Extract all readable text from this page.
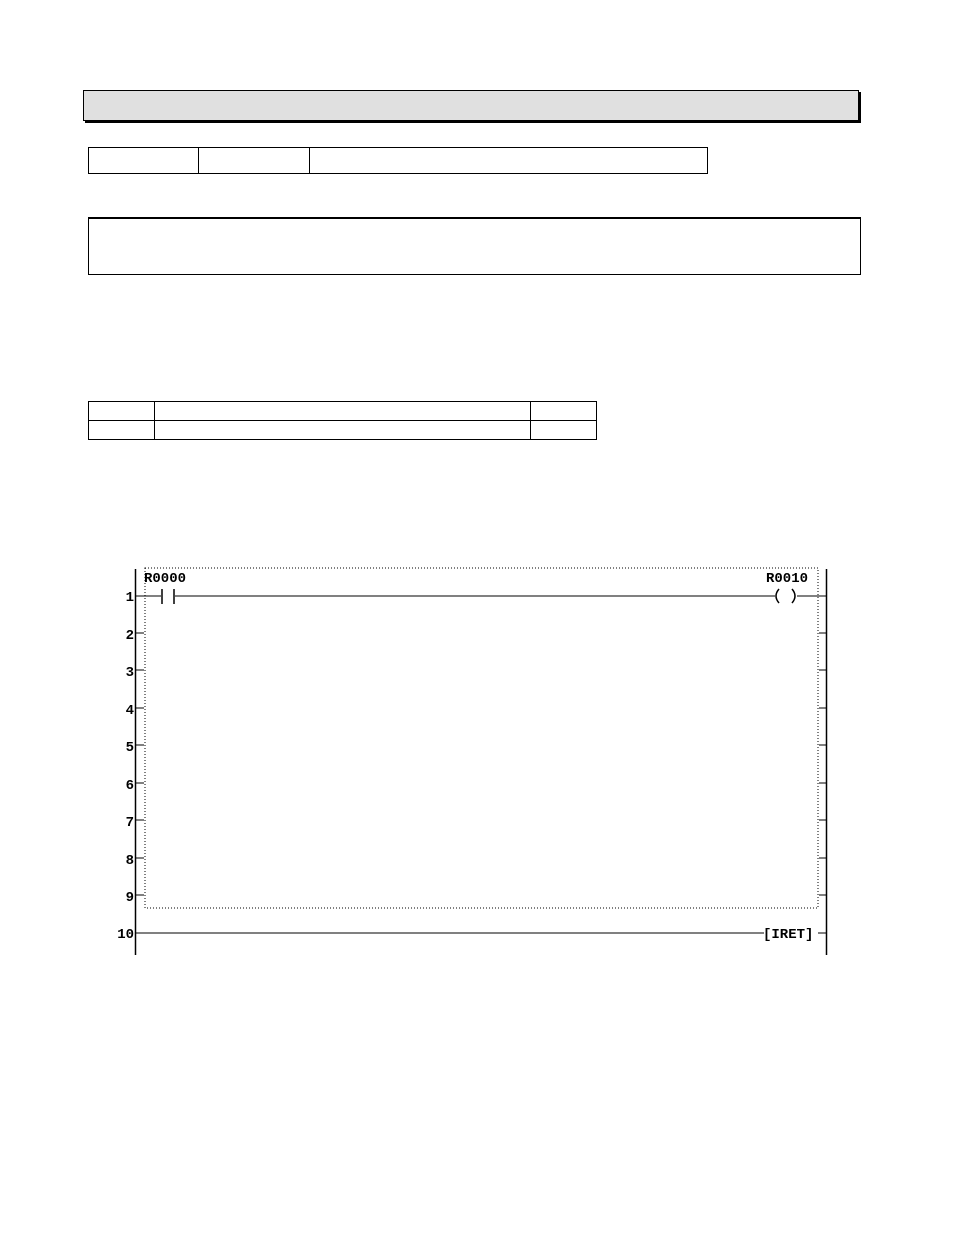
1
2
3
4
5
6
7
8
9
10
R0000	R0010
[IRET]
